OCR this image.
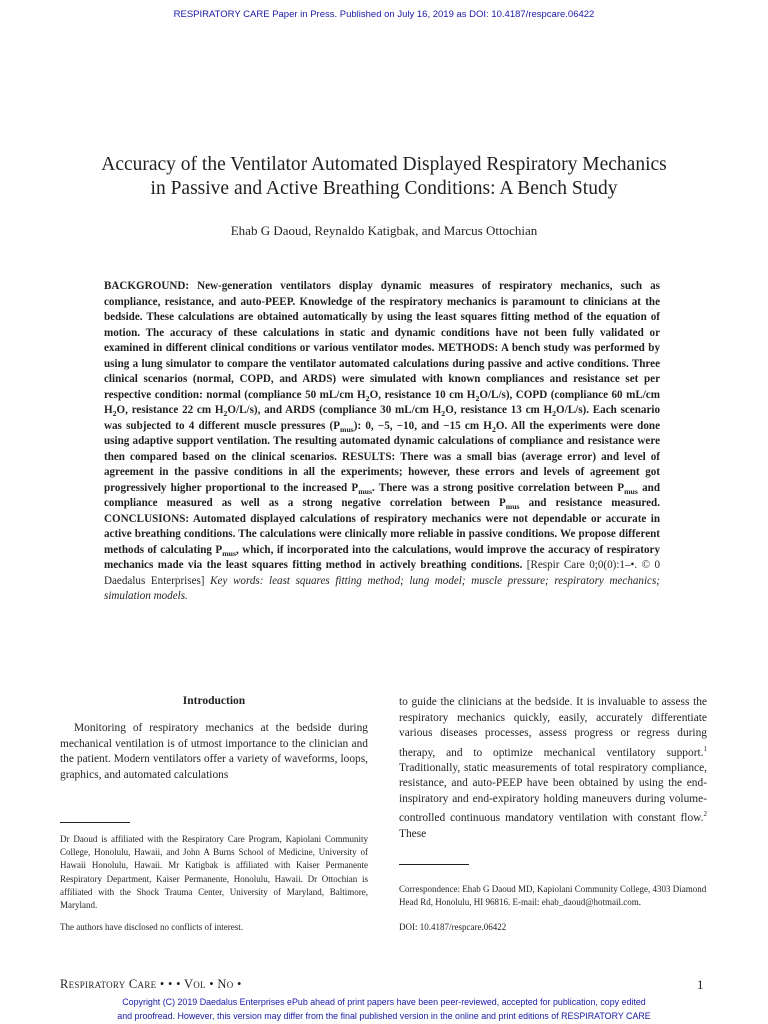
RESPIRATORY CARE Paper in Press. Published on July 16, 2019 as DOI: 10.4187/respcare.06422
Accuracy of the Ventilator Automated Displayed Respiratory Mechanics
in Passive and Active Breathing Conditions: A Bench Study
Ehab G Daoud, Reynaldo Katigbak, and Marcus Ottochian
BACKGROUND: New-generation ventilators display dynamic measures of respiratory mechanics, such as compliance, resistance, and auto-PEEP. Knowledge of the respiratory mechanics is paramount to clinicians at the bedside. These calculations are obtained automatically by using the least squares fitting method of the equation of motion. The accuracy of these calculations in static and dynamic conditions have not been fully validated or examined in different clinical conditions or various ventilator modes. METHODS: A bench study was performed by using a lung simulator to compare the ventilator automated calculations during passive and active conditions. Three clinical scenarios (normal, COPD, and ARDS) were simulated with known compliances and resistance set per respective condition: normal (compliance 50 mL/cm $H_2O$, resistance 10 cm $H_2O/L/s$), COPD (compliance 60 mL/cm $H_2O$, resistance 22 cm $H_2O/L/s$), and ARDS (compliance 30 mL/cm $H_2O$, resistance 13 cm $H_2O/L/s$). Each scenario was subjected to 4 different muscle pressures $(P_{mus})$: 0, −5, −10, and −15 cm $H_2O$. All the experiments were done using adaptive support ventilation. The resulting automated dynamic calculations of compliance and resistance were then compared based on the clinical scenarios. RESULTS: There was a small bias (average error) and level of agreement in the passive conditions in all the experiments; however, these errors and levels of agreement got progressively higher proportional to the increased $P_{mus}$. There was a strong positive correlation between $P_{mus}$ and compliance measured as well as a strong negative correlation between $P_{mus}$ and resistance measured. CONCLUSIONS: Automated displayed calculations of respiratory mechanics were not dependable or accurate in active breathing conditions. The calculations were clinically more reliable in passive conditions. We propose different methods of calculating $P_{mus}$, which, if incorporated into the calculations, would improve the accuracy of respiratory mechanics made via the least squares fitting method in actively breathing conditions. [Respir Care 0;0(0):1–•. © 0 Daedalus Enterprises] Key words: least squares fitting method; lung model; muscle pressure; respiratory mechanics; simulation models.
Introduction

Monitoring of respiratory mechanics at the bedside during mechanical ventilation is of utmost importance to the clinician and the patient. Modern ventilators offer a variety of waveforms, loops, graphics, and automated calculations

to guide the clinicians at the bedside. It is invaluable to assess the respiratory mechanics quickly, easily, accurately differentiate various diseases processes, assess progress or regress during therapy, and to optimize mechanical ventilatory support.$^1$ Traditionally, static measurements of total respiratory compliance, resistance, and auto-PEEP have been obtained by using the end-inspiratory and end-expiratory holding maneuvers during volume-controlled continuous mandatory ventilation with constant flow.$^2$ These

Dr Daoud is affiliated with the Respiratory Care Program, Kapiolani Community College, Honolulu, Hawaii, and John A Burns School of Medicine, University of Hawaii Honolulu, Hawaii. Mr Katigbak is affiliated with Kaiser Permanente Respiratory Department, Kaiser Permanente, Honolulu, Hawaii. Dr Ottochian is affiliated with the Shock Trauma Center, University of Maryland, Baltimore, Maryland.
The authors have disclosed no conflicts of interest.
Correspondence: Ehab G Daoud MD, Kapiolani Community College, 4303 Diamond Head Rd, Honolulu, HI 96816. E-mail: ehab_daoud@hotmail.com.
DOI: 10.4187/respcare.06422
Respiratory Care • • • Vol • No •	1
Copyright (C) 2019 Daedalus Enterprises ePub ahead of print papers have been peer-reviewed, accepted for publication, copy edited
and proofread. However, this version may differ from the final published version in the online and print editions of RESPIRATORY CARE
